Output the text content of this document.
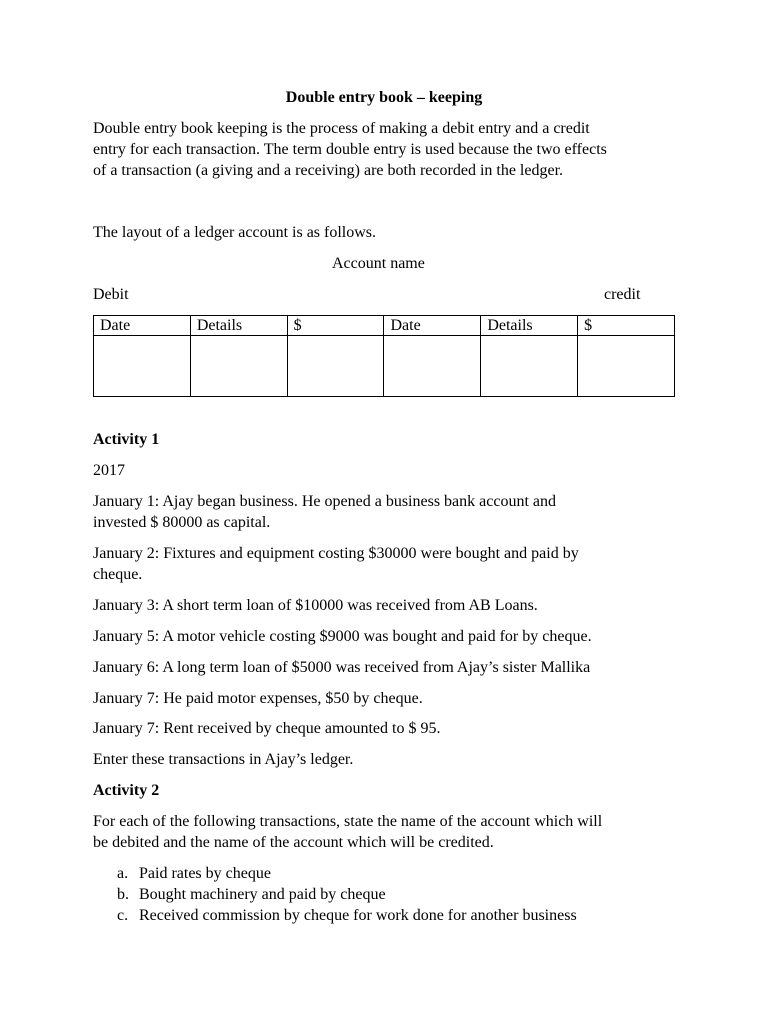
Double entry book – keeping
Double entry book keeping is the process of making a debit entry and a credit
entry for each transaction. The term double entry is used because the two effects
of a transaction (a giving and a receiving) are both recorded in the ledger.
The layout of a ledger account is as follows.
Account name
Debit	credit
Date	Details	$	Date	Details	$

Activity 1
2017
January 1: Ajay began business. He opened a business bank account and
invested $ 80000 as capital.
January 2: Fixtures and equipment costing $30000 were bought and paid by
cheque.
January 3: A short term loan of $10000 was received from AB Loans.
January 5: A motor vehicle costing $9000 was bought and paid for by cheque.
January 6: A long term loan of $5000 was received from Ajay’s sister Mallika
January 7: He paid motor expenses, $50 by cheque.
January 7: Rent received by cheque amounted to $ 95.
Enter these transactions in Ajay’s ledger.
Activity 2
For each of the following transactions, state the name of the account which will
be debited and the name of the account which will be credited.
a. Paid rates by cheque
b. Bought machinery and paid by cheque
c. Received commission by cheque for work done for another business
